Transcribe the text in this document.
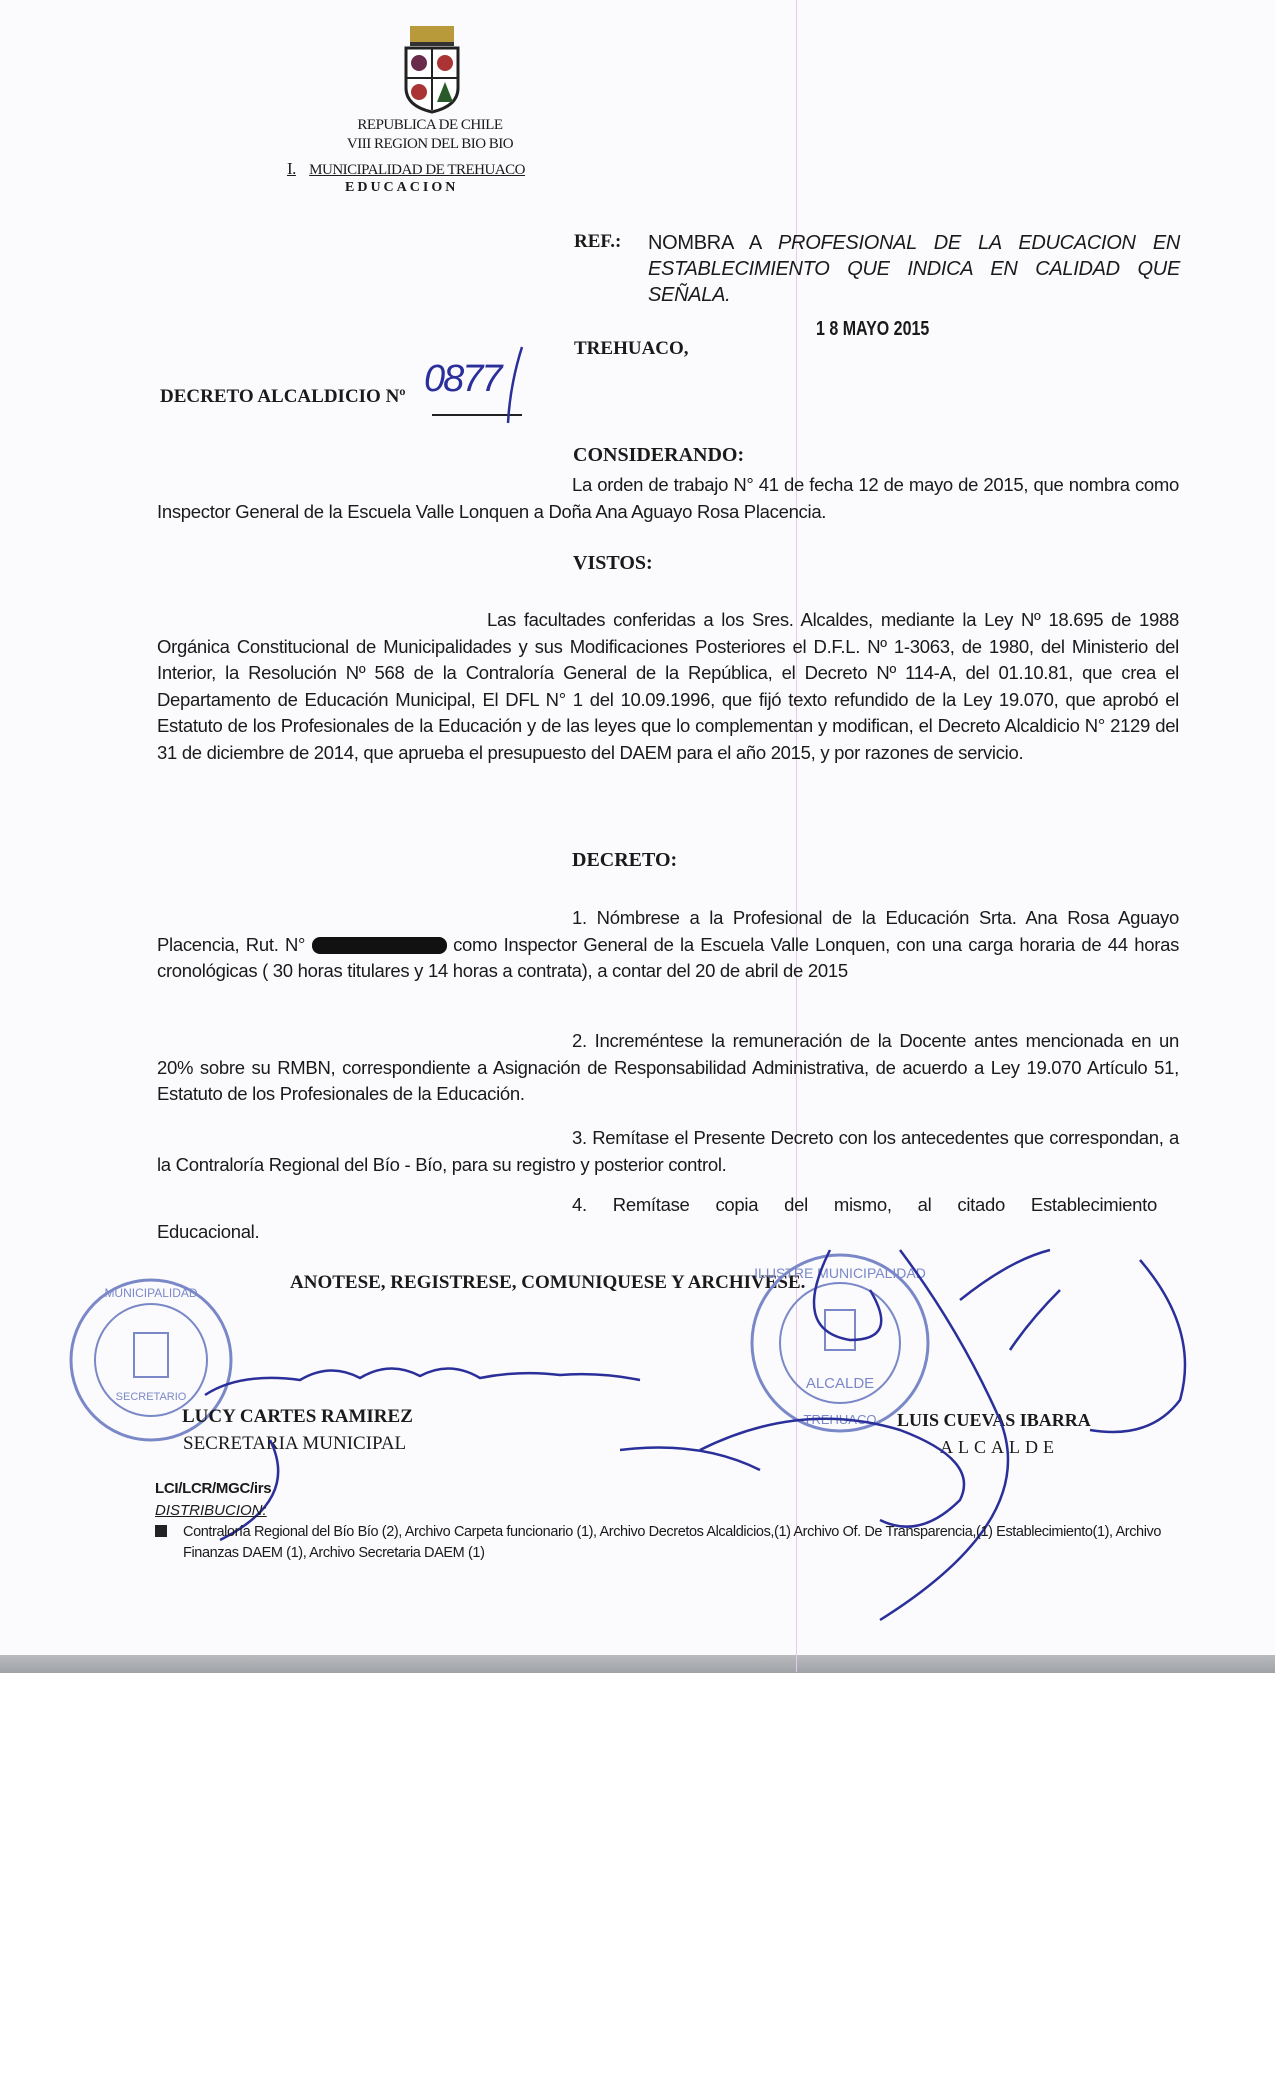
REPUBLICA DE CHILE
VIII REGION DEL BIO BIO
I. MUNICIPALIDAD DE TREHUACO
EDUCACION
REF.: NOMBRA A PROFESIONAL DE LA EDUCACION EN ESTABLECIMIENTO QUE INDICA EN CALIDAD QUE SEÑALA.
1 8 MAYO 2015
TREHUACO,
DECRETO ALCALDICIO Nº 0877
CONSIDERANDO:
La orden de trabajo N° 41 de fecha 12 de mayo de 2015, que nombra como Inspector General de la Escuela Valle Lonquen a Doña Ana Aguayo Rosa Placencia.
VISTOS:
Las facultades conferidas a los Sres. Alcaldes, mediante la Ley Nº 18.695 de 1988 Orgánica Constitucional de Municipalidades y sus Modificaciones Posteriores el D.F.L. Nº 1-3063, de 1980, del Ministerio del Interior, la Resolución Nº 568 de la Contraloría General de la República, el Decreto Nº 114-A, del 01.10.81, que crea el Departamento de Educación Municipal, El DFL N° 1 del 10.09.1996, que fijó texto refundido de la Ley 19.070, que aprobó el Estatuto de los Profesionales de la Educación y de las leyes que lo complementan y modifican, el Decreto Alcaldicio N° 2129 del 31 de diciembre de 2014, que aprueba el presupuesto del DAEM para el año 2015, y por razones de servicio.
DECRETO:
1. Nómbrese a la Profesional de la Educación Srta. Ana Rosa Aguayo Placencia, Rut. N°	como Inspector General de la Escuela Valle Lonquen, con una carga horaria de 44 horas cronológicas ( 30 horas titulares y 14 horas a contrata), a contar del 20 de abril de 2015
2. Increméntese la remuneración de la Docente antes mencionada en un 20% sobre su RMBN, correspondiente a Asignación de Responsabilidad Administrativa, de acuerdo a Ley 19.070 Artículo 51, Estatuto de los Profesionales de la Educación.
3. Remítase el Presente Decreto con los antecedentes que correspondan, a la Contraloría Regional del Bío - Bío, para su registro y posterior control.
4. Remítase copia del mismo, al citado Establecimiento Educacional.
ANOTESE, REGISTRESE, COMUNIQUESE Y ARCHIVESE.
MUNICIPALIDAD
SECRETARIO
ILUSTRE MUNICIPALIDAD
ALCALDE
TREHUACO
LUCY CARTES RAMIREZ
SECRETARIA MUNICIPAL
LUIS CUEVAS IBARRA
ALCALDE
LCI/LCR/MGC/irs
DISTRIBUCION:
Contraloría Regional del Bío Bío (2), Archivo Carpeta funcionario (1), Archivo Decretos Alcaldicios,(1) Archivo Of. De Transparencia,(1) Establecimiento(1), Archivo Finanzas DAEM (1), Archivo Secretaria DAEM (1)
